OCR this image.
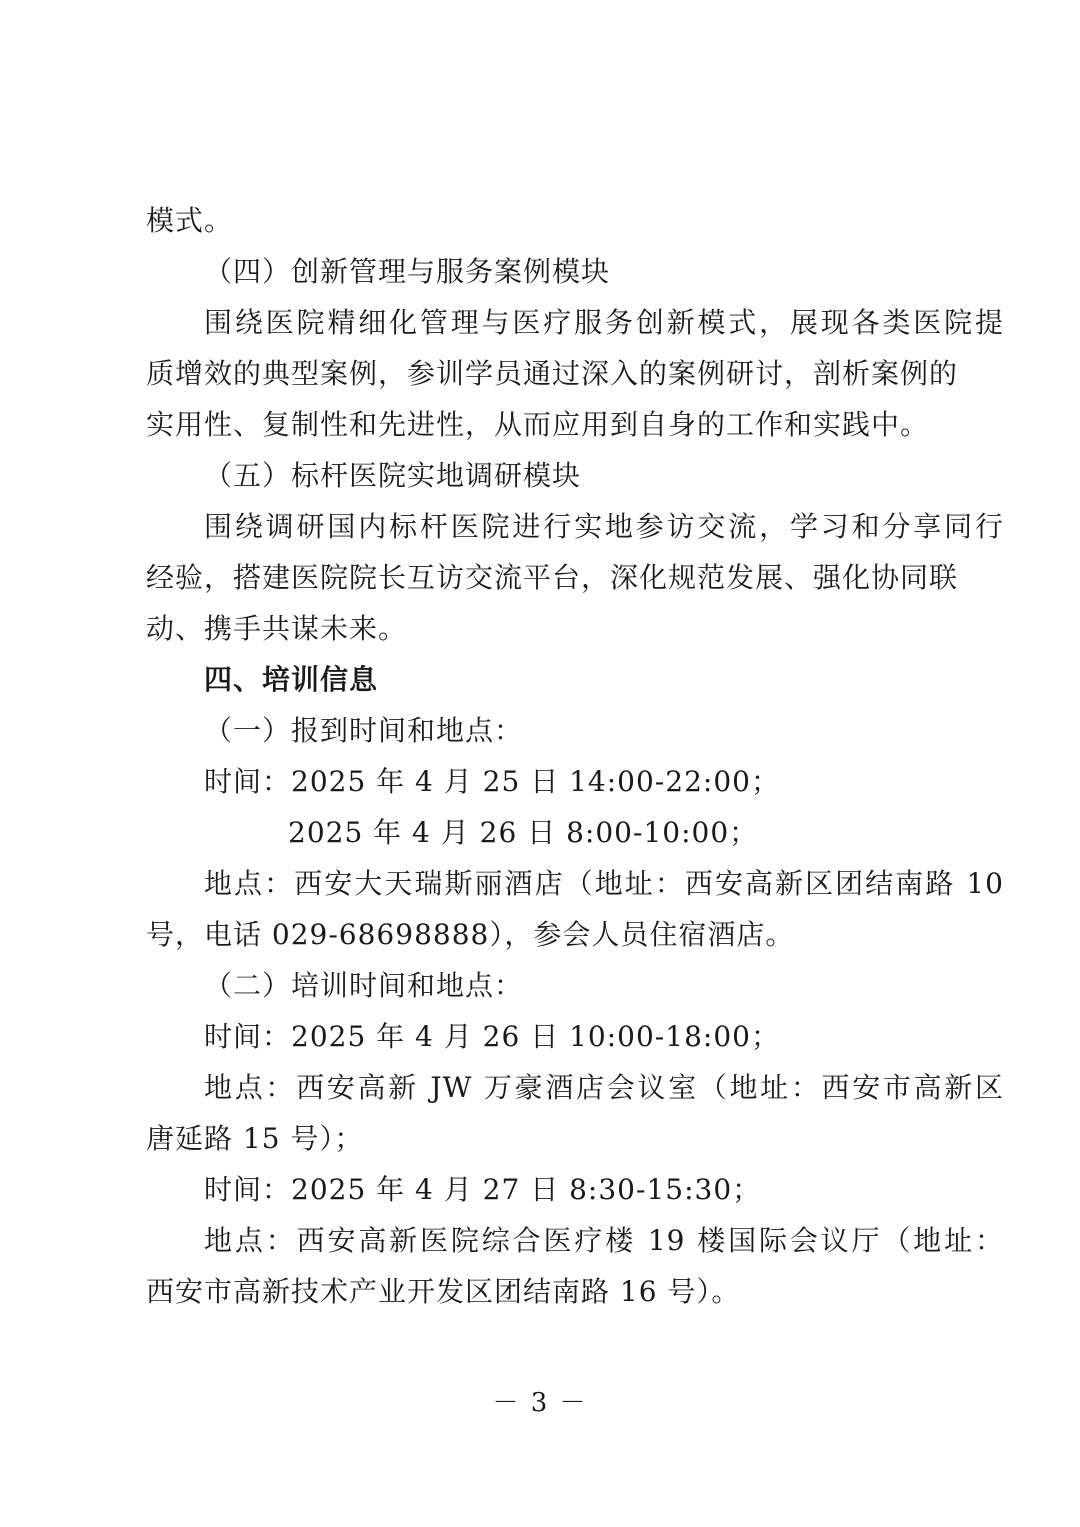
模式。
（四）创新管理与服务案例模块
围绕医院精细化管理与医疗服务创新模式，展现各类医院提
质增效的典型案例，参训学员通过深入的案例研讨，剖析案例的
实用性、复制性和先进性，从而应用到自身的工作和实践中。
（五）标杆医院实地调研模块
围绕调研国内标杆医院进行实地参访交流，学习和分享同行
经验，搭建医院院长互访交流平台，深化规范发展、强化协同联
动、携手共谋未来。
四、培训信息
（一）报到时间和地点：
时间：2025 年 4 月 25 日 14:00-22:00；
2025 年 4 月 26 日 8:00-10:00；
地点：西安大天瑞斯丽酒店（地址：西安高新区团结南路 10
号，电话 029-68698888），参会人员住宿酒店。
（二）培训时间和地点：
时间：2025 年 4 月 26 日 10:00-18:00；
地点：西安高新 JW 万豪酒店会议室（地址：西安市高新区
唐延路 15 号）；
时间：2025 年 4 月 27 日 8:30-15:30；
地点：西安高新医院综合医疗楼 19 楼国际会议厅（地址：
西安市高新技术产业开发区团结南路 16 号）。
－ 3 －
